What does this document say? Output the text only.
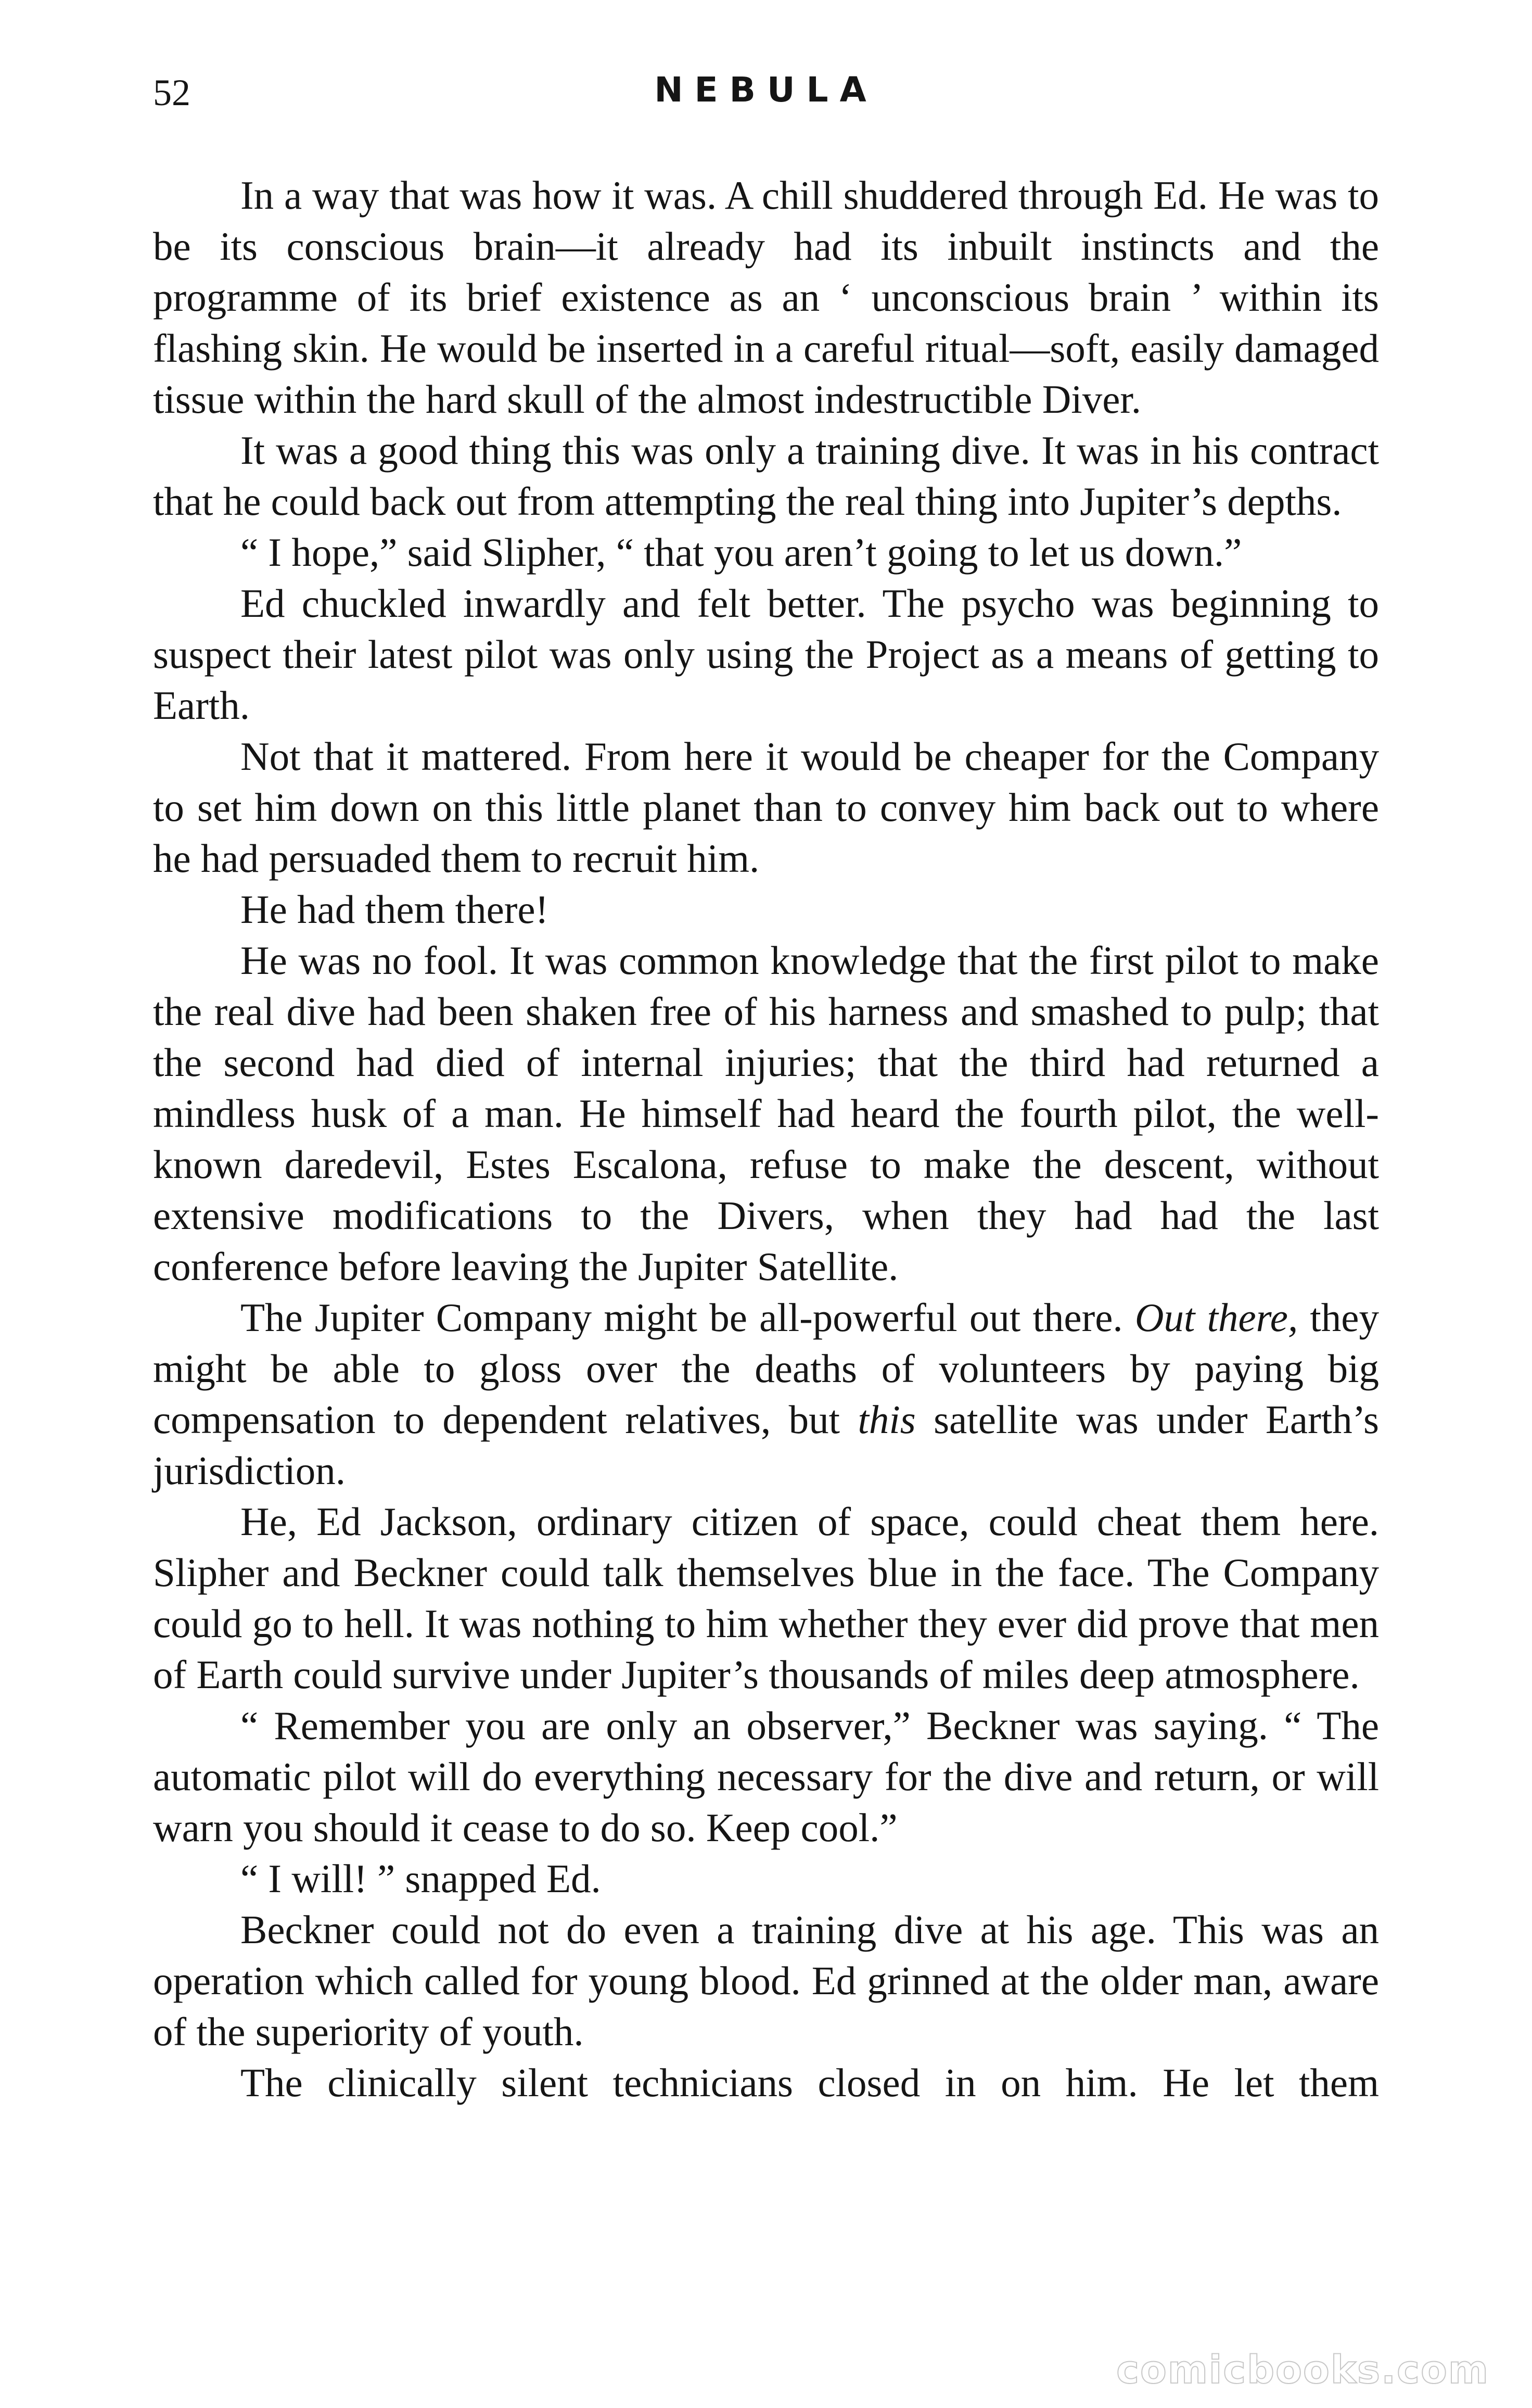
52	NEBULA

In a way that was how it was. A chill shuddered through Ed. He was to be its conscious brain—it already had its inbuilt instincts and the programme of its brief existence as an ‘ unconscious brain ’ within its flashing skin. He would be inserted in a careful ritual—soft, easily damaged tissue within the hard skull of the almost indestructible Diver.

It was a good thing this was only a training dive. It was in his contract that he could back out from attempting the real thing into Jupiter’s depths.

“ I hope,” said Slipher, “ that you aren’t going to let us down.”

Ed chuckled inwardly and felt better. The psycho was beginning to suspect their latest pilot was only using the Project as a means of getting to Earth.

Not that it mattered. From here it would be cheaper for the Company to set him down on this little planet than to convey him back out to where he had persuaded them to recruit him.

He had them there!

He was no fool. It was common knowledge that the first pilot to make the real dive had been shaken free of his harness and smashed to pulp; that the second had died of internal injuries; that the third had returned a mindless husk of a man. He himself had heard the fourth pilot, the well-known daredevil, Estes Escalona, refuse to make the descent, without extensive modifications to the Divers, when they had had the last conference before leaving the Jupiter Satellite.

The Jupiter Company might be all-powerful out there. Out there, they might be able to gloss over the deaths of volunteers by paying big compensation to dependent relatives, but this satellite was under Earth’s jurisdiction.

He, Ed Jackson, ordinary citizen of space, could cheat them here. Slipher and Beckner could talk themselves blue in the face. The Company could go to hell. It was nothing to him whether they ever did prove that men of Earth could survive under Jupiter’s thousands of miles deep atmosphere.

“ Remember you are only an observer,” Beckner was saying. “ The automatic pilot will do everything necessary for the dive and return, or will warn you should it cease to do so. Keep cool.”

“ I will! ” snapped Ed.

Beckner could not do even a training dive at his age. This was an operation which called for young blood. Ed grinned at the older man, aware of the superiority of youth.

The clinically silent technicians closed in on him. He let them

comicbooks.com
